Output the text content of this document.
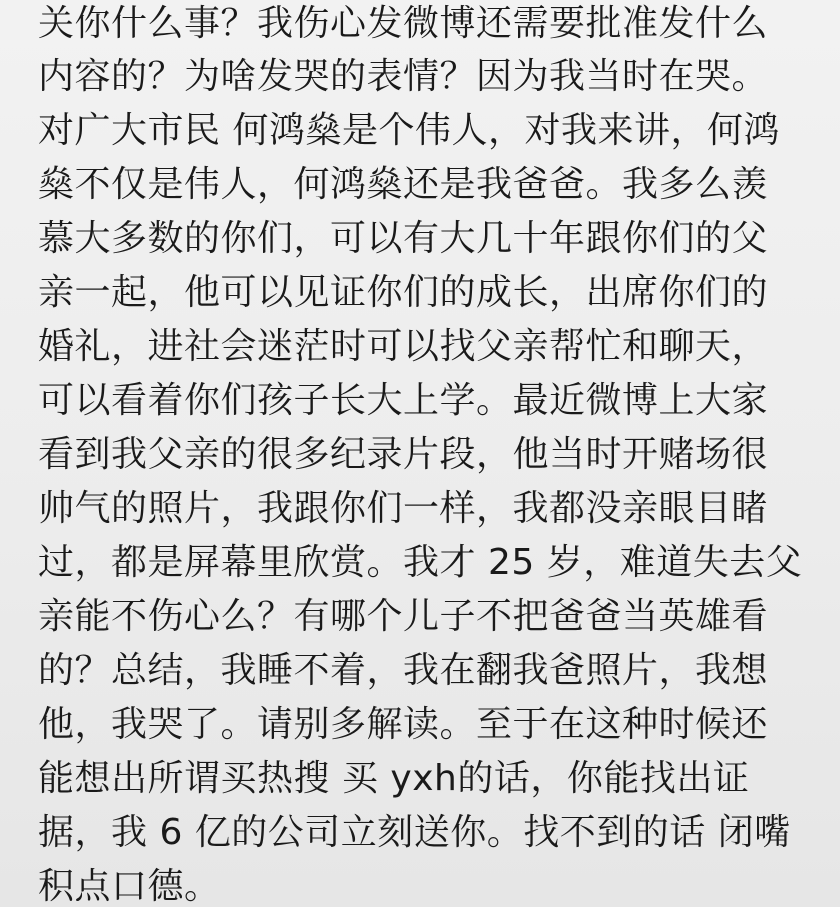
关你什么事？我伤心发微博还需要批准发什么
内容的？为啥发哭的表情？因为我当时在哭。
对广大市民 何鸿燊是个伟人，对我来讲，何鸿
燊不仅是伟人，何鸿燊还是我爸爸。我多么羡
慕大多数的你们，可以有大几十年跟你们的父
亲一起，他可以见证你们的成长，出席你们的
婚礼，进社会迷茫时可以找父亲帮忙和聊天，
可以看着你们孩子长大上学。最近微博上大家
看到我父亲的很多纪录片段，他当时开赌场很
帅气的照片，我跟你们一样，我都没亲眼目睹
过，都是屏幕里欣赏。我才 25 岁，难道失去父
亲能不伤心么？有哪个儿子不把爸爸当英雄看
的？总结，我睡不着，我在翻我爸照片，我想
他，我哭了。请别多解读。至于在这种时候还
能想出所谓买热搜 买 yxh的话，你能找出证
据，我 6 亿的公司立刻送你。找不到的话 闭嘴
积点口德。
